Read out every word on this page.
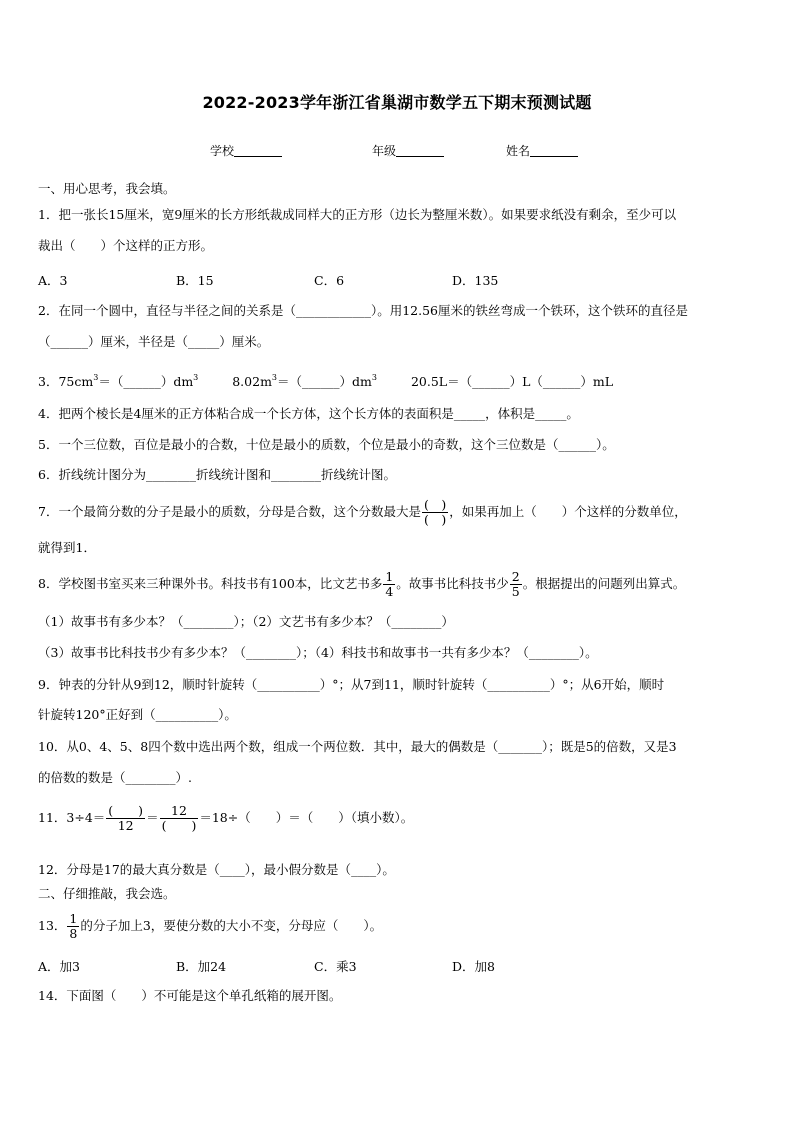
2022-2023学年浙江省巢湖市数学五下期末预测试题
学校	年级	姓名
一、用心思考，我会填。
1．把一张长15厘米，宽9厘米的长方形纸裁成同样大的正方形（边长为整厘米数）。如果要求纸没有剩余，至少可以
裁出（　　）个这样的正方形。
A．3	B．15	C．6	D．135
2．在同一个圆中，直径与半径之间的关系是（____________）。用12.56厘米的铁丝弯成一个铁环，这个铁环的直径是
（______）厘米，半径是（_____）厘米。
3．$75cm^3=(\_\_\_\_\_\_)dm^3$	$8.02m^3=(\_\_\_\_\_\_)dm^3$	20.5L＝（______）L（______）mL
4．把两个棱长是4厘米的正方体粘合成一个长方体，这个长方体的表面积是_____，体积是_____。
5．一个三位数，百位是最小的合数，十位是最小的质数，个位是最小的奇数，这个三位数是（______）。
6．折线统计图分为________折线统计图和________折线统计图。
7．一个最简分数的分子是最小的质数，分母是合数，这个分数最大是 $\frac{( )}{( )}$ ，如果再加上（　　）个这样的分数单位，
就得到1．
8．学校图书室买来三种课外书。科技书有100本，比文艺书多 $\frac{1}{4}$ 。故事书比科技书少 $\frac{2}{5}$ 。根据提出的问题列出算式。
（1）故事书有多少本？（________）；（2）文艺书有多少本？（________）
（3）故事书比科技书少有多少本？（________）；（4）科技书和故事书一共有多少本？（________）。
9．钟表的分针从9到12，顺时针旋转（__________）°；从7到11，顺时针旋转（__________）°；从6开始，顺时
针旋转120°正好到（__________）。
10．从0、4、5、8四个数中选出两个数，组成一个两位数．其中，最大的偶数是（_______）；既是5的倍数，又是3
的倍数的数是（________）.
11．$3\div 4= \frac{( )}{12} = \frac{12}{( )} =18\div$（　　）＝（　　）（填小数）。
12．分母是17的最大真分数是（____），最小假分数是（____）。
二、仔细推敲，我会选。
13． $\frac{1}{8}$ 的分子加上3，要使分数的大小不变，分母应（　　）。
A．加3	B．加24	C．乘3	D．加8
14．下面图（　　）不可能是这个单孔纸箱的展开图。
